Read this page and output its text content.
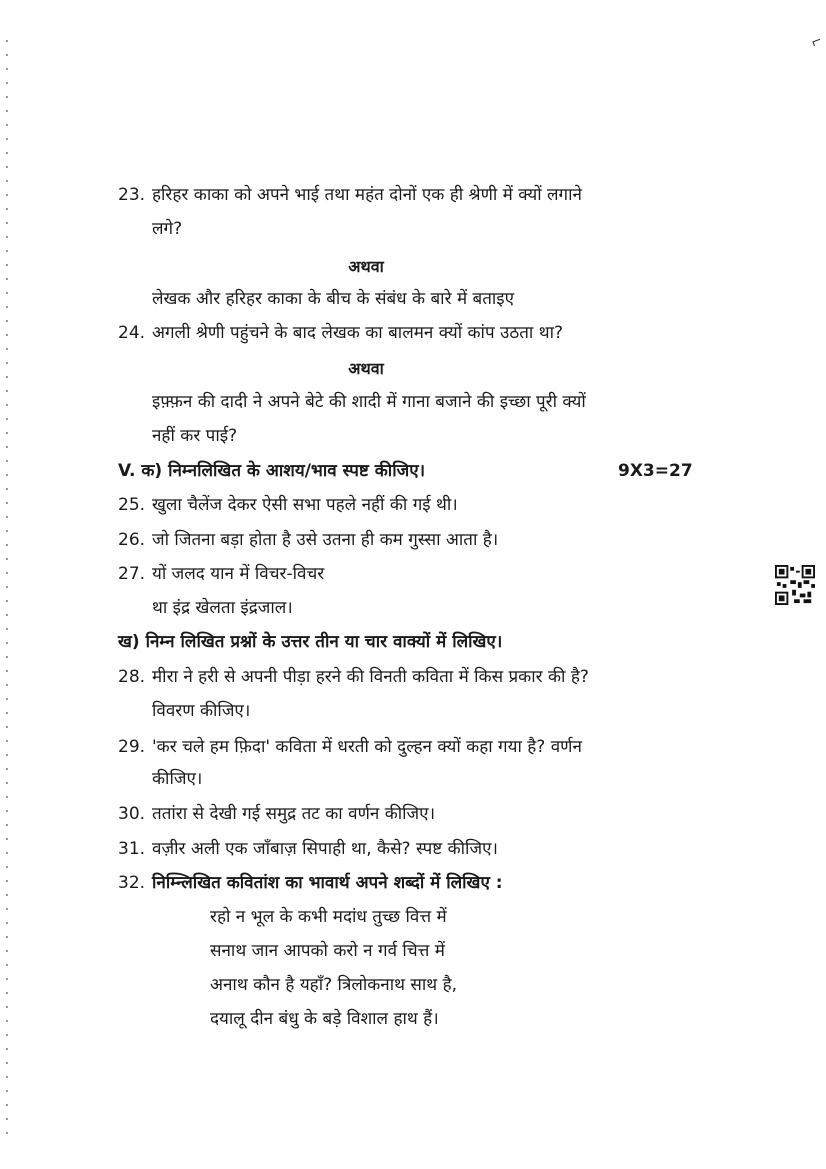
23. हरिहर काका को अपने भाई तथा महंत दोनों एक ही श्रेणी में क्यों लगाने
लगे?
अथवा
लेखक और हरिहर काका के बीच के संबंध के बारे में बताइए
24. अगली श्रेणी पहुंचने के बाद लेखक का बालमन क्यों कांप उठता था?
अथवा
इफ़्फ़न की दादी ने अपने बेटे की शादी में गाना बजाने की इच्छा पूरी क्यों
नहीं कर पाई?
V. क) निम्नलिखित के आशय/भाव स्पष्ट कीजिए।	9X3=27
25. खुला चैलेंज देकर ऐसी सभा पहले नहीं की गई थी।
26. जो जितना बड़ा होता है उसे उतना ही कम गुस्सा आता है।
27. यों जलद यान में विचर-विचर
था इंद्र खेलता इंद्रजाल।
ख) निम्न लिखित प्रश्नों के उत्तर तीन या चार वाक्यों में लिखिए।
28. मीरा ने हरी से अपनी पीड़ा हरने की विनती कविता में किस प्रकार की है?
विवरण कीजिए।
29. 'कर चले हम फ़िदा' कविता में धरती को दुल्हन क्यों कहा गया है? वर्णन
कीजिए।
30. ततांरा से देखी गई समुद्र तट का वर्णन कीजिए।
31. वज़ीर अली एक जाँबाज़ सिपाही था, कैसे? स्पष्ट कीजिए।
32. निम्न्लिखित कवितांश का भावार्थ अपने शब्दों में लिखिए :
रहो न भूल के कभी मदांध तुच्छ वित्त में
सनाथ जान आपको करो न गर्व चित्त में
अनाथ कौन है यहाँ? त्रिलोकनाथ साथ है,
दयालू दीन बंधु के बड़े विशाल हाथ हैं।
